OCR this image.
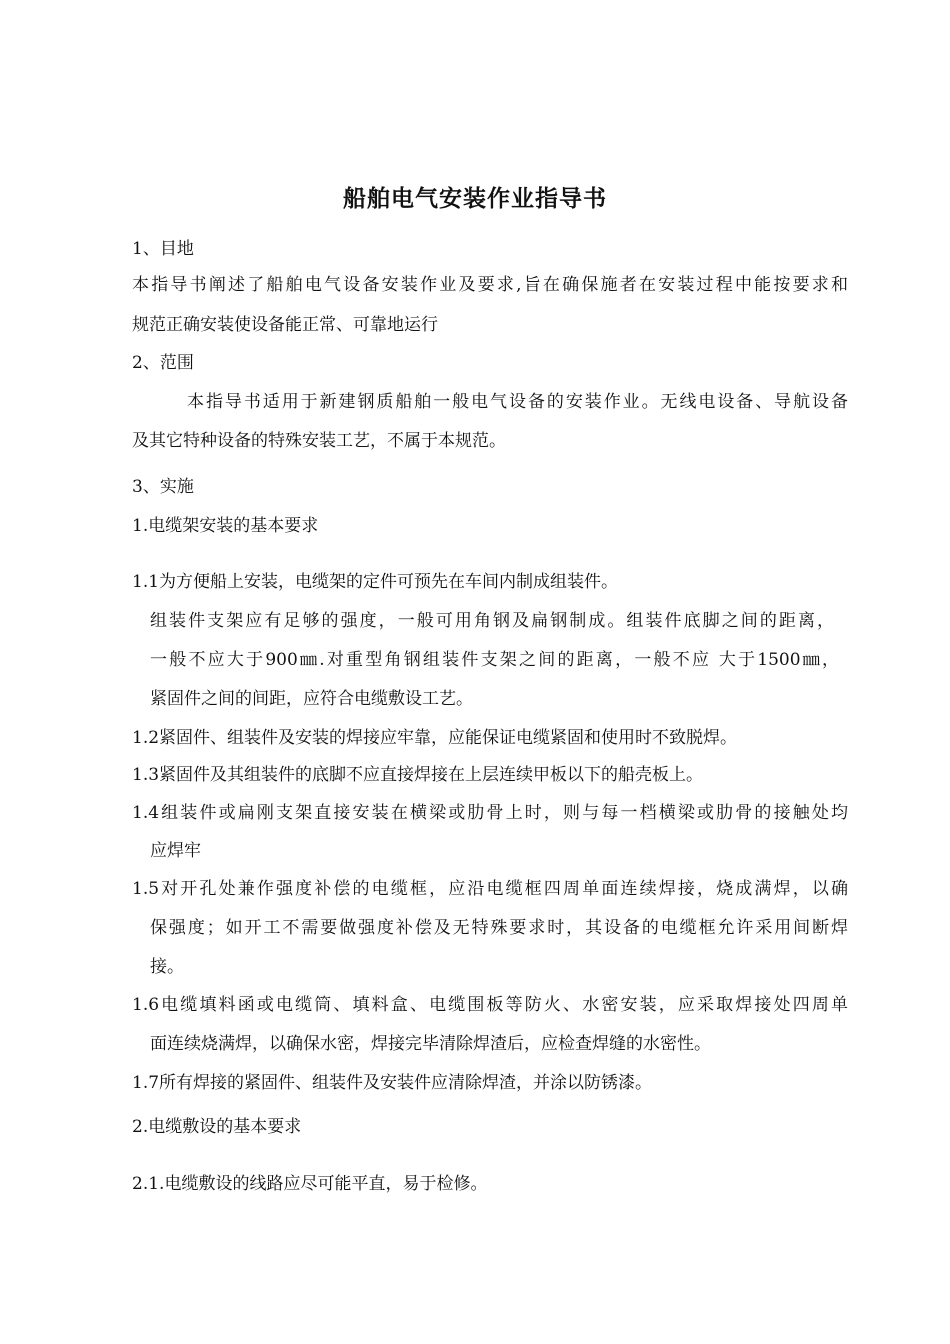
船舶电气安装作业指导书
1、目地
本指导书阐述了船舶电气设备安装作业及要求,旨在确保施者在安装过程中能按要求和
规范正确安装使设备能正常、可靠地运行
2、范围
本指导书适用于新建钢质船舶一般电气设备的安装作业。无线电设备、导航设备
及其它特种设备的特殊安装工艺，不属于本规范。
3、实施
1.电缆架安装的基本要求
1.1为方便船上安装，电缆架的定件可预先在车间内制成组装件。
组装件支架应有足够的强度，一般可用角钢及扁钢制成。组装件底脚之间的距离，
一般不应大于900㎜.对重型角钢组装件支架之间的距离，一般不应 大于1500㎜，
紧固件之间的间距，应符合电缆敷设工艺。
1.2紧固件、组装件及安装的焊接应牢靠，应能保证电缆紧固和使用时不致脱焊。
1.3紧固件及其组装件的底脚不应直接焊接在上层连续甲板以下的船壳板上。
1.4组装件或扁刚支架直接安装在横梁或肋骨上时，则与每一档横梁或肋骨的接触处均
应焊牢
1.5对开孔处兼作强度补偿的电缆框，应沿电缆框四周单面连续焊接，烧成满焊，以确
保强度；如开工不需要做强度补偿及无特殊要求时，其设备的电缆框允许采用间断焊
接。
1.6电缆填料函或电缆筒、填料盒、电缆围板等防火、水密安装，应采取焊接处四周单
面连续烧满焊，以确保水密，焊接完毕清除焊渣后，应检查焊缝的水密性。
1.7所有焊接的紧固件、组装件及安装件应清除焊渣，并涂以防锈漆。
2.电缆敷设的基本要求
2.1.电缆敷设的线路应尽可能平直，易于检修。
